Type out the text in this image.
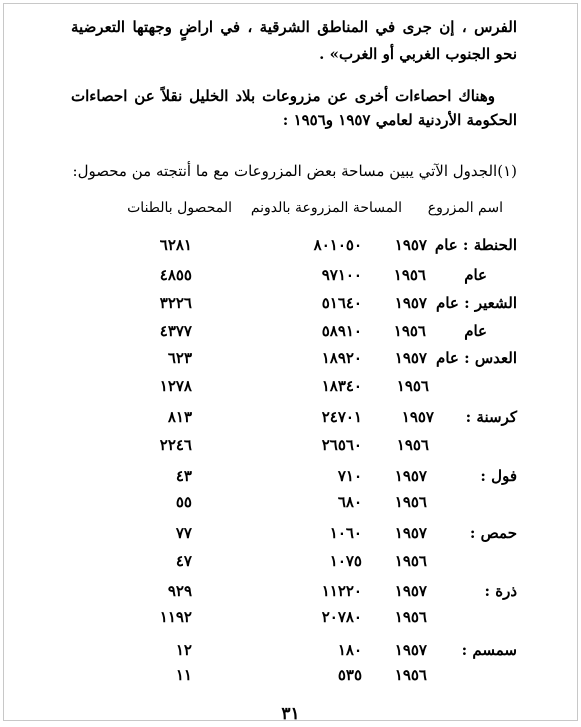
الفرس ، إن جرى في المناطق الشرقية ، في اراضٍ وجهتها التعرضية نحو الجنوب الغربي أو الغرب» .
وهناك احصاءات أخرى عن مزروعات بلاد الخليل نقلاً عن احصاءات الحكومة الأردنية لعامي ١٩٥٧ و١٩٥٦ :
(١)الجدول الآتي يبين مساحة بعض المزروعات مع ما أنتجته من محصول:
اسم المزروع
المساحة المزروعة بالدونم
المحصول بالطنات
الحنطة : عام
١٩٥٧
٨٠١٠٥٠
٦٢٨١
عام
١٩٥٦
٩٧١٠٠
٤٨٥٥
الشعير : عام
١٩٥٧
٥١٦٤٠
٣٢٢٦
عام
١٩٥٦
٥٨٩١٠
٤٣٧٧
العدس : عام
١٩٥٧
١٨٩٢٠
٦٢٣
١٩٥٦
١٨٣٤٠
١٢٧٨
كرسنة :
١٩٥٧
٢٤٧٠١
٨١٣
١٩٥٦
٢٦٥٦٠
٢٢٤٦
فول :
١٩٥٧
٧١٠
٤٣
١٩٥٦
٦٨٠
٥٥
حمص :
١٩٥٧
١٠٦٠
٧٧
١٩٥٦
١٠٧٥
٤٧
ذرة :
١٩٥٧
١١٢٢٠
٩٢٩
١٩٥٦
٢٠٧٨٠
١١٩٢
سمسم :
١٩٥٧
١٨٠
١٢
١٩٥٦
٥٣٥
١١
٣١
